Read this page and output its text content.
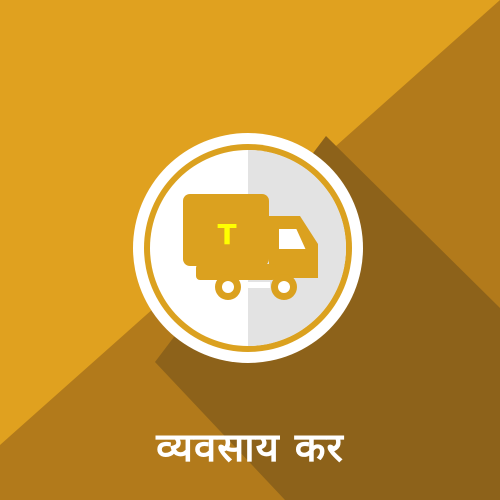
T
व्यवसाय कर
